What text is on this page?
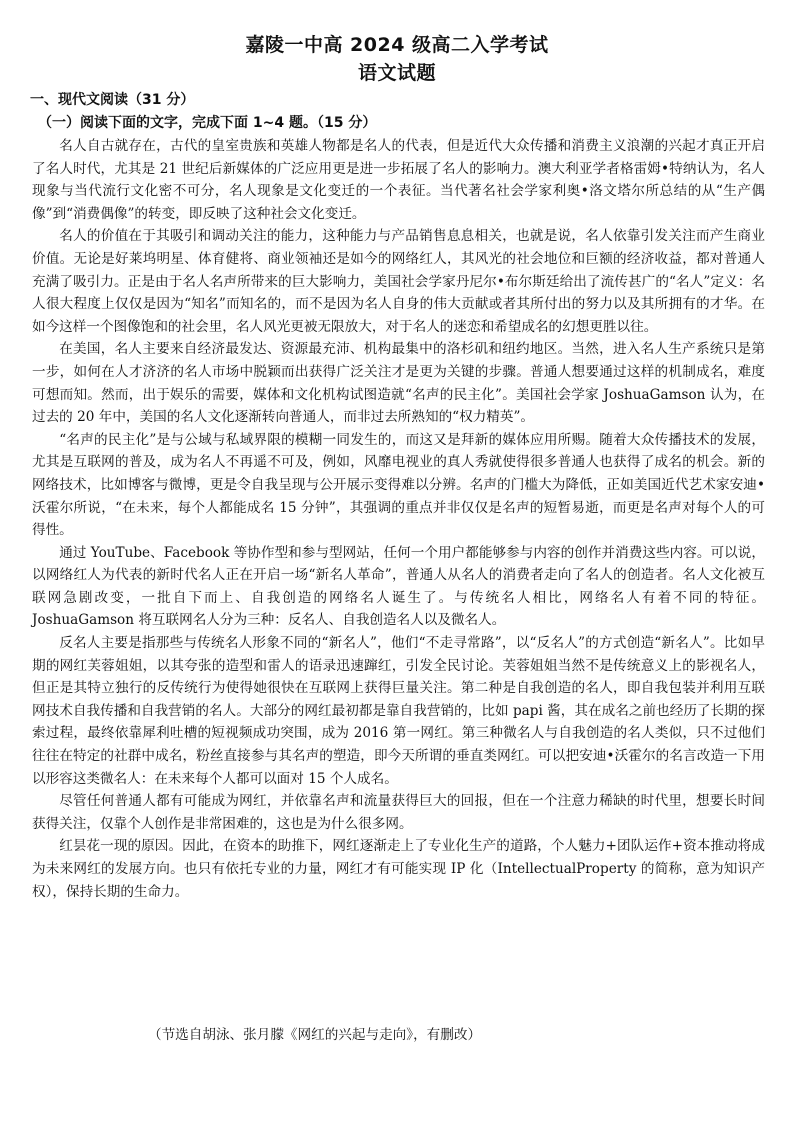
嘉陵一中高 2024 级高二入学考试
语文试题
一、现代文阅读（31 分）
（一）阅读下面的文字，完成下面 1~4 题。（15 分）

名人自古就存在，古代的皇室贵族和英雄人物都是名人的代表，但是近代大众传播和消费主义浪潮的兴起才真正开启了名人时代，尤其是 21 世纪后新媒体的广泛应用更是进一步拓展了名人的影响力。澳大利亚学者格雷姆•特纳认为，名人现象与当代流行文化密不可分，名人现象是文化变迁的一个表征。当代著名社会学家利奥•洛文塔尔所总结的从“生产偶像”到“消费偶像”的转变，即反映了这种社会文化变迁。

名人的价值在于其吸引和调动关注的能力，这种能力与产品销售息息相关，也就是说，名人依靠引发关注而产生商业价值。无论是好莱坞明星、体育健将、商业领袖还是如今的网络红人，其风光的社会地位和巨额的经济收益，都对普通人充满了吸引力。正是由于名人名声所带来的巨大影响力，美国社会学家丹尼尔•布尔斯廷给出了流传甚广的“名人”定义：名人很大程度上仅仅是因为“知名”而知名的，而不是因为名人自身的伟大贡献或者其所付出的努力以及其所拥有的才华。在如今这样一个图像饱和的社会里，名人风光更被无限放大，对于名人的迷恋和希望成名的幻想更胜以往。

在美国，名人主要来自经济最发达、资源最充沛、机构最集中的洛杉矶和纽约地区。当然，进入名人生产系统只是第一步，如何在人才济济的名人市场中脱颖而出获得广泛关注才是更为关键的步骤。普通人想要通过这样的机制成名，难度可想而知。然而，出于娱乐的需要，媒体和文化机构试图造就“名声的民主化”。美国社会学家 JoshuaGamson 认为，在过去的 20 年中，美国的名人文化逐渐转向普通人，而非过去所熟知的“权力精英”。

“名声的民主化”是与公域与私域界限的模糊一同发生的，而这又是拜新的媒体应用所赐。随着大众传播技术的发展，尤其是互联网的普及，成为名人不再遥不可及，例如，风靡电视业的真人秀就使得很多普通人也获得了成名的机会。新的网络技术，比如博客与微博，更是令自我呈现与公开展示变得难以分辨。名声的门槛大为降低，正如美国近代艺术家安迪•沃霍尔所说，“在未来，每个人都能成名 15 分钟”，其强调的重点并非仅仅是名声的短暂易逝，而更是名声对每个人的可得性。

通过 YouTube、Facebook 等协作型和参与型网站，任何一个用户都能够参与内容的创作并消费这些内容。可以说，以网络红人为代表的新时代名人正在开启一场“新名人革命”，普通人从名人的消费者走向了名人的创造者。名人文化被互联网急剧改变，一批自下而上、自我创造的网络名人诞生了。与传统名人相比，网络名人有着不同的特征。JoshuaGamson 将互联网名人分为三种：反名人、自我创造名人以及微名人。

反名人主要是指那些与传统名人形象不同的“新名人”，他们“不走寻常路”，以“反名人”的方式创造“新名人”。比如早期的网红芙蓉姐姐，以其夸张的造型和雷人的语录迅速蹿红，引发全民讨论。芙蓉姐姐当然不是传统意义上的影视名人，但正是其特立独行的反传统行为使得她很快在互联网上获得巨量关注。第二种是自我创造的名人，即自我包装并利用互联网技术自我传播和自我营销的名人。大部分的网红最初都是靠自我营销的，比如 papi 酱，其在成名之前也经历了长期的探索过程，最终依靠犀利吐槽的短视频成功突围，成为 2016 第一网红。第三种微名人与自我创造的名人类似，只不过他们往往在特定的社群中成名，粉丝直接参与其名声的塑造，即今天所谓的垂直类网红。可以把安迪•沃霍尔的名言改造一下用以形容这类微名人：在未来每个人都可以面对 15 个人成名。

尽管任何普通人都有可能成为网红，并依靠名声和流量获得巨大的回报，但在一个注意力稀缺的时代里，想要长时间获得关注，仅靠个人创作是非常困难的，这也是为什么很多网。

红昙花一现的原因。因此，在资本的助推下，网红逐渐走上了专业化生产的道路，个人魅力+团队运作+资本推动将成为未来网红的发展方向。也只有依托专业的力量，网红才有可能实现 IP 化（IntellectualProperty 的简称，意为知识产权），保持长期的生命力。

（节选自胡泳、张月朦《网红的兴起与走向》，有删改）
